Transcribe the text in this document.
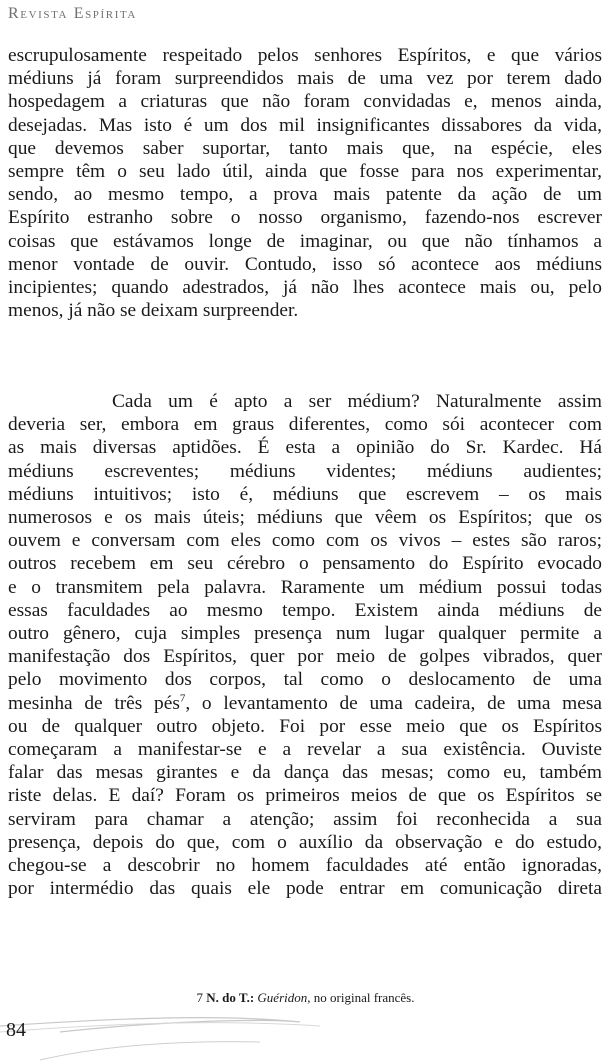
Revista Espírita
escrupulosamente respeitado pelos senhores Espíritos, e que vários
médiuns já foram surpreendidos mais de uma vez por terem dado
hospedagem a criaturas que não foram convidadas e, menos ainda,
desejadas. Mas isto é um dos mil insignificantes dissabores da vida,
que devemos saber suportar, tanto mais que, na espécie, eles
sempre têm o seu lado útil, ainda que fosse para nos experimentar,
sendo, ao mesmo tempo, a prova mais patente da ação de um
Espírito estranho sobre o nosso organismo, fazendo-nos escrever
coisas que estávamos longe de imaginar, ou que não tínhamos a
menor vontade de ouvir. Contudo, isso só acontece aos médiuns
incipientes; quando adestrados, já não lhes acontece mais ou, pelo
menos, já não se deixam surpreender.
Cada um é apto a ser médium? Naturalmente assim
deveria ser, embora em graus diferentes, como sói acontecer com
as mais diversas aptidões. É esta a opinião do Sr. Kardec. Há
médiuns escreventes; médiuns videntes; médiuns audientes;
médiuns intuitivos; isto é, médiuns que escrevem – os mais
numerosos e os mais úteis; médiuns que vêem os Espíritos; que os
ouvem e conversam com eles como com os vivos – estes são raros;
outros recebem em seu cérebro o pensamento do Espírito evocado
e o transmitem pela palavra. Raramente um médium possui todas
essas faculdades ao mesmo tempo. Existem ainda médiuns de
outro gênero, cuja simples presença num lugar qualquer permite a
manifestação dos Espíritos, quer por meio de golpes vibrados, quer
pelo movimento dos corpos, tal como o deslocamento de uma
mesinha de três pés$^7$, o levantamento de uma cadeira, de uma mesa
ou de qualquer outro objeto. Foi por esse meio que os Espíritos
começaram a manifestar-se e a revelar a sua existência. Ouviste
falar das mesas girantes e da dança das mesas; como eu, também
riste delas. E daí? Foram os primeiros meios de que os Espíritos se
serviram para chamar a atenção; assim foi reconhecida a sua
presença, depois do que, com o auxílio da observação e do estudo,
chegou-se a descobrir no homem faculdades até então ignoradas,
por intermédio das quais ele pode entrar em comunicação direta
7 N. do T.: Guéridon, no original francês.
84
